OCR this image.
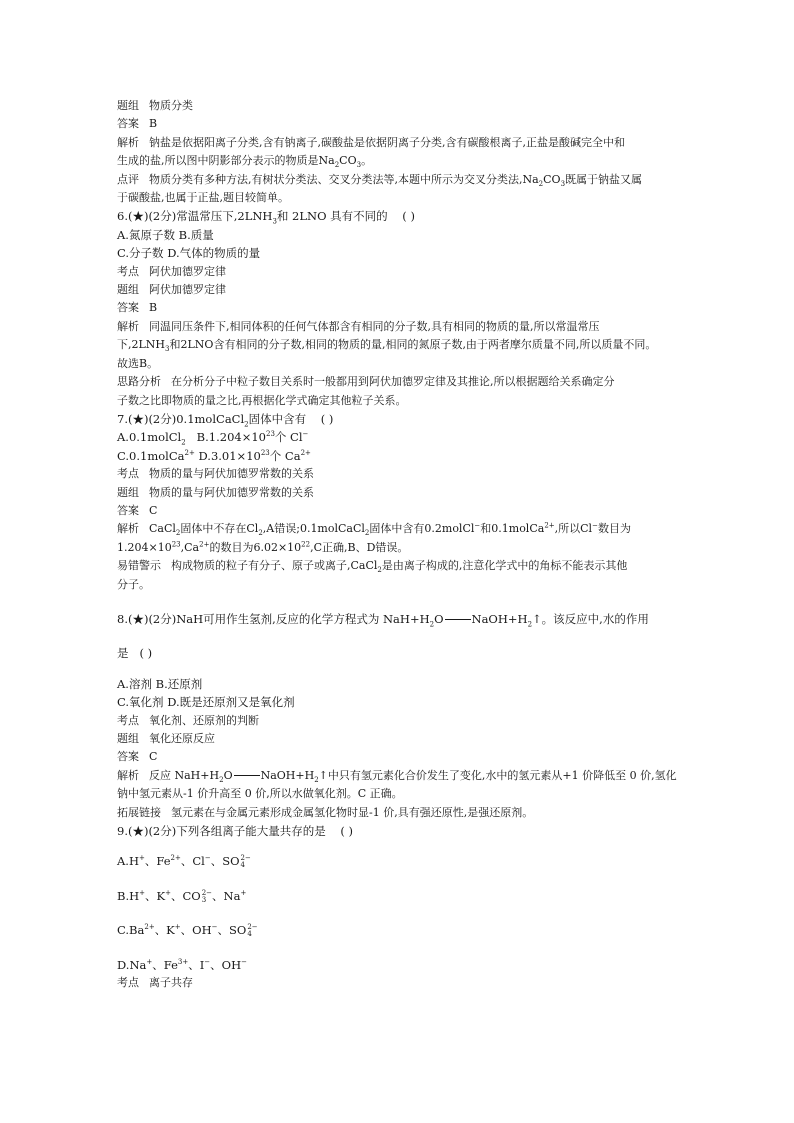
题组 物质分类
答案 B
解析 钠盐是依据阳离子分类,含有钠离子,碳酸盐是依据阴离子分类,含有碳酸根离子,正盐是酸碱完全中和
生成的盐,所以图中阴影部分表示的物质是$Na_2CO_3$。
点评 物质分类有多种方法,有树状分类法、交叉分类法等,本题中所示为交叉分类法$,Na_2CO_3$既属于钠盐又属
于碳酸盐,也属于正盐,题目较简单。
6.(★)(2分)常温常压下$,2LNH_3$和 2LNO 具有不同的 ( )
A.氮原子数 B.质量
C.分子数 D.气体的物质的量
考点 阿伏加德罗定律
题组 阿伏加德罗定律
答案 B
解析 同温同压条件下,相同体积的任何气体都含有相同的分子数,具有相同的物质的量,所以常温常压
下$,2LNH_3$和2LNO含有相同的分子数,相同的物质的量,相同的氮原子数,由于两者摩尔质量不同,所以质量不同。
故选B。
思路分析 在分析分子中粒子数目关系时一般都用到阿伏加德罗定律及其推论,所以根据题给关系确定分
子数之比即物质的量之比,再根据化学式确定其他粒子关系。
7.(★)(2分)0.1molCaCl$_2$固体中含有 ( )
A.0.1molCl$_2$ $B.1.204\times 10^{23}$个 Cl−
C.0.1molCa$^{2+}$ $D.3.01\times 10^{23}$个 $Ca^{2+}$
考点 物质的量与阿伏加德罗常数的关系
题组 物质的量与阿伏加德罗常数的关系
答案 C
解析 CaCl$_2$固体中不存在$Cl_2,A$错误;0.1molCaCl$_2$固体中含有0.2molCl−和0.1molCa$^{2+}$,所以Cl−数目为
$1.204\times 10^{23},Ca^{2+}$的数目为$6.02\times 10^{22},C$正确,B、D错误。
易错警示 构成物质的粒子有分子、原子或离子,CaCl$_2$是由离子构成的,注意化学式中的角标不能表示其他
分子。
8.(★)(2分)NaH可用作生氢剂,反应的化学方程式为 $NaH+H_2O$ $NaOH+H_2↑$。该反应中,水的作用
是 ( )
A.溶剂 B.还原剂
C.氧化剂 D.既是还原剂又是氧化剂
考点 氧化剂、还原剂的判断
题组 氧化还原反应
答案 C
解析 反应 $NaH+H_2O$	$NaOH+H_2↑$中只有氢元素化合价发生了变化,水中的氢元素从+1 价降低至 0 价,氢化
钠中氢元素从-1 价升高至 0 价,所以水做氧化剂。C 正确。
拓展链接 氢元素在与金属元素形成金属氢化物时显-1 价,具有强还原性,是强还原剂。
9.(★)(2分)下列各组离子能大量共存的是 ( )
A.H+、$Fe^{2+}$、Cl−、SO 2−
4
B.H+、K+、CO 2−
3 、Na+
$C.Ba^{2+}$、K+、OH−、SO 2−
4
D.Na+、$Fe^{3+}$、I−、OH−
考点 离子共存
